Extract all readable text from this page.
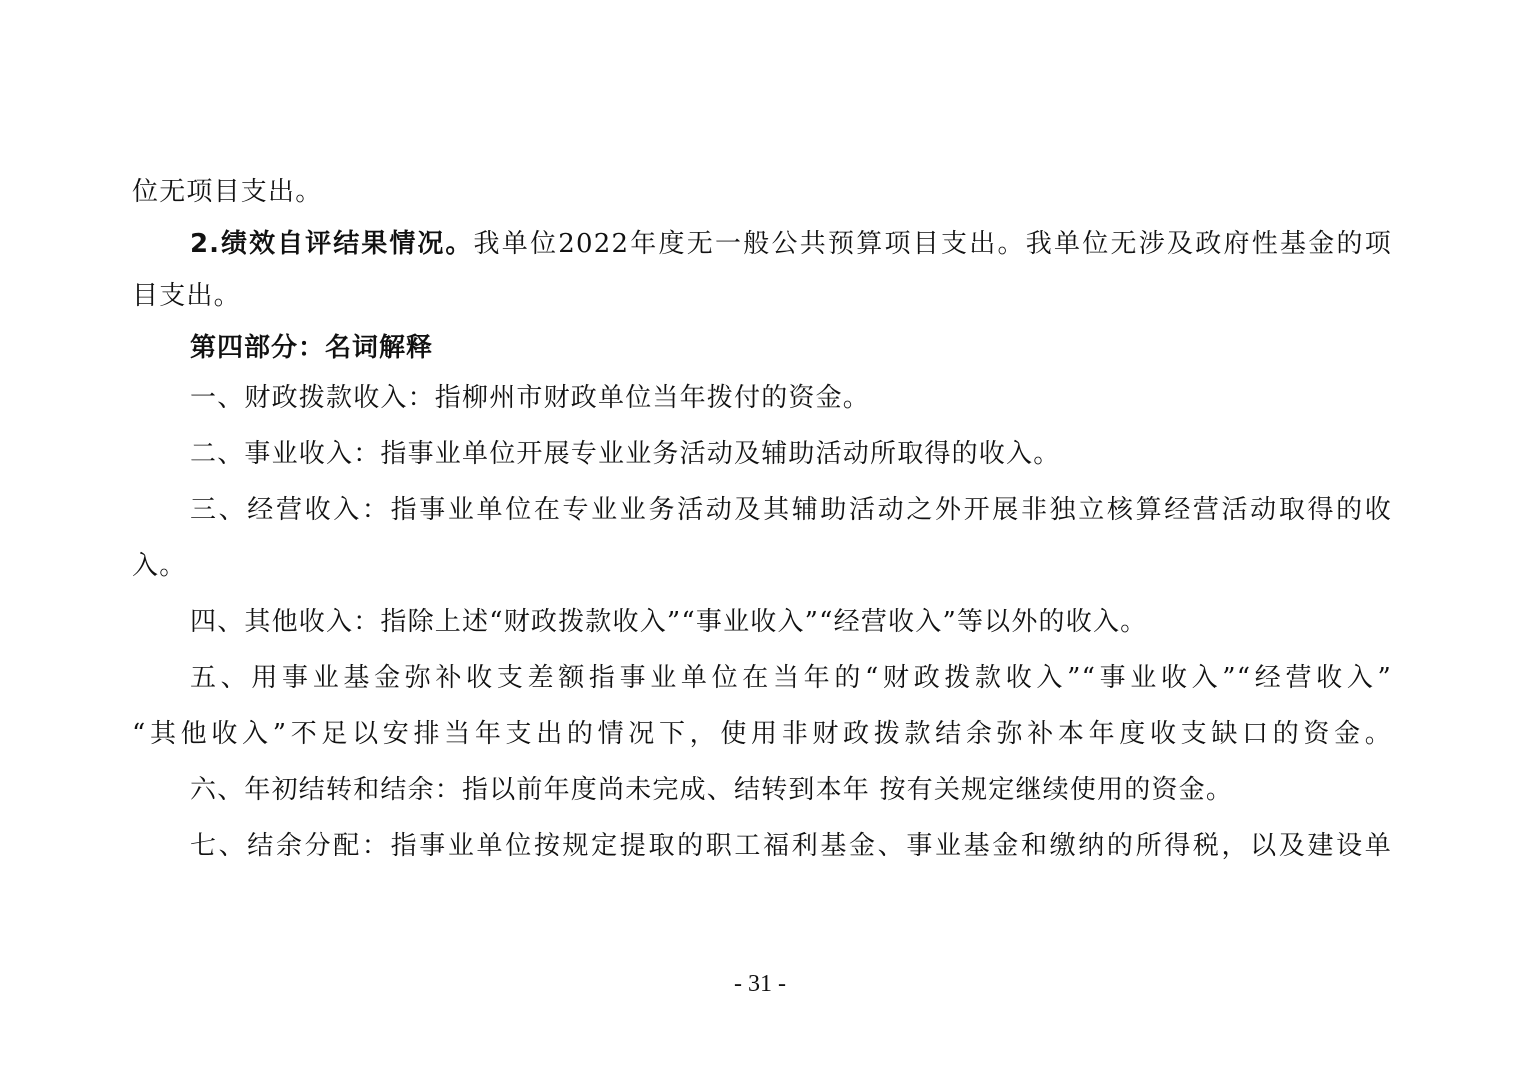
位无项目支出。
2.绩效自评结果情况。我单位2022年度无一般公共预算项目支出。我单位无涉及政府性基金的项
目支出。
第四部分：名词解释
一、财政拨款收入：指柳州市财政单位当年拨付的资金。
二、事业收入：指事业单位开展专业业务活动及辅助活动所取得的收入。
三、经营收入：指事业单位在专业业务活动及其辅助活动之外开展非独立核算经营活动取得的收
入。
四、其他收入：指除上述“财政拨款收入”“事业收入”“经营收入”等以外的收入。
五、用事业基金弥补收支差额指事业单位在当年的“财政拨款收入”“事业收入”“经营收入”
“其他收入”不足以安排当年支出的情况下，使用非财政拨款结余弥补本年度收支缺口的资金。
六、年初结转和结余：指以前年度尚未完成、结转到本年 按有关规定继续使用的资金。
七、结余分配：指事业单位按规定提取的职工福利基金、事业基金和缴纳的所得税，以及建设单
- 31 -
